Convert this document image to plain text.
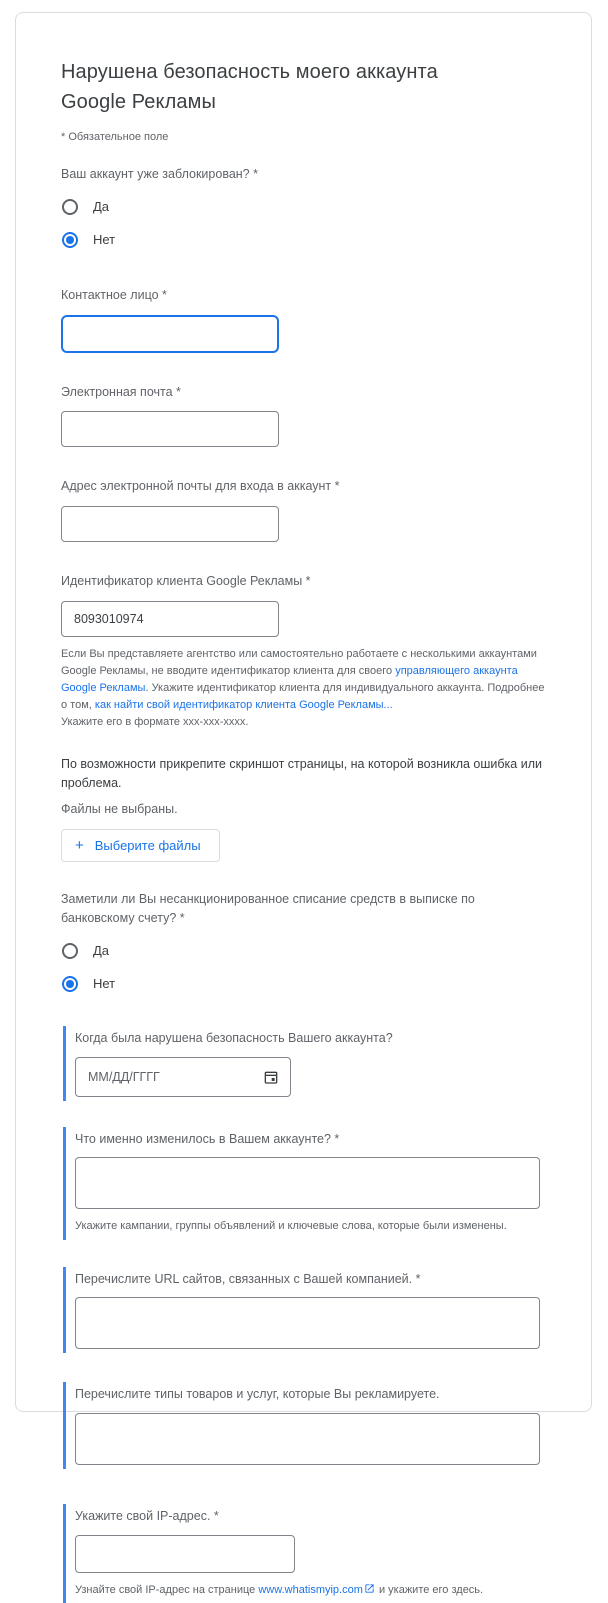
Нарушена безопасность моего аккаунта Google Рекламы
* Обязательное поле
Ваш аккаунт уже заблокирован? *
Да
Нет
Контактное лицо *
Электронная почта *
Адрес электронной почты для входа в аккаунт *
Идентификатор клиента Google Рекламы *
8093010974
Если Вы представляете агентство или самостоятельно работаете с несколькими аккаунтами Google Рекламы, не вводите идентификатор клиента для своего управляющего аккаунта Google Рекламы. Укажите идентификатор клиента для индивидуального аккаунта. Подробнее о том, как найти свой идентификатор клиента Google Рекламы...
Укажите его в формате xxx-xxx-xxxx.
По возможности прикрепите скриншот страницы, на которой возникла ошибка или проблема.
Файлы не выбраны.
+ Выберите файлы
Заметили ли Вы несанкционированное списание средств в выписке по банковскому счету? *
Да
Нет
Когда была нарушена безопасность Вашего аккаунта?
ММ/ДД/ГГГГ
Что именно изменилось в Вашем аккаунте? *
Укажите кампании, группы объявлений и ключевые слова, которые были изменены.
Перечислите URL сайтов, связанных с Вашей компанией. *
Перечислите типы товаров и услуг, которые Вы рекламируете.
Укажите свой IP-адрес. *
Узнайте свой IP-адрес на странице www.whatismyip.com и укажите его здесь.
